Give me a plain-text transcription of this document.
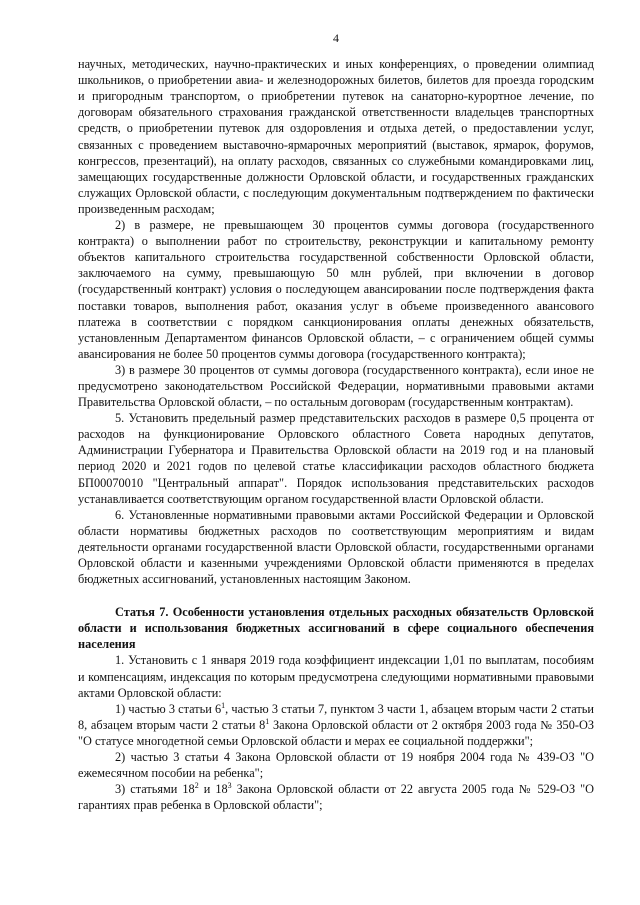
4

научных, методических, научно-практических и иных конференциях, о проведении олимпиад школьников, о приобретении авиа- и железнодорожных билетов, билетов для проезда городским и пригородным транспортом, о приобретении путевок на санаторно-курортное лечение, по договорам обязательного страхования гражданской ответственности владельцев транспортных средств, о приобретении путевок для оздоровления и отдыха детей, о предоставлении услуг, связанных с проведением выставочно-ярмарочных мероприятий (выставок, ярмарок, форумов, конгрессов, презентаций), на оплату расходов, связанных со служебными командировками лиц, замещающих государственные должности Орловской области, и государственных гражданских служащих Орловской области, с последующим документальным подтверждением по фактически произведенным расходам;

2) в размере, не превышающем 30 процентов суммы договора (государственного контракта) о выполнении работ по строительству, реконструкции и капитальному ремонту объектов капитального строительства государственной собственности Орловской области, заключаемого на сумму, превышающую 50 млн рублей, при включении в договор (государственный контракт) условия о последующем авансировании после подтверждения факта поставки товаров, выполнения работ, оказания услуг в объеме произведенного авансового платежа в соответствии с порядком санкционирования оплаты денежных обязательств, установленным Департаментом финансов Орловской области, – с ограничением общей суммы авансирования не более 50 процентов суммы договора (государственного контракта);

3) в размере 30 процентов от суммы договора (государственного контракта), если иное не предусмотрено законодательством Российской Федерации, нормативными правовыми актами Правительства Орловской области, – по остальным договорам (государственным контрактам).

5. Установить предельный размер представительских расходов в размере 0,5 процента от расходов на функционирование Орловского областного Совета народных депутатов, Администрации Губернатора и Правительства Орловской области на 2019 год и на плановый период 2020 и 2021 годов по целевой статье классификации расходов областного бюджета БП00070010 "Центральный аппарат". Порядок использования представительских расходов устанавливается соответствующим органом государственной власти Орловской области.

6. Установленные нормативными правовыми актами Российской Федерации и Орловской области нормативы бюджетных расходов по соответствующим мероприятиям и видам деятельности органами государственной власти Орловской области, государственными органами Орловской области и казенными учреждениями Орловской области применяются в пределах бюджетных ассигнований, установленных настоящим Законом.

Статья 7. Особенности установления отдельных расходных обязательств Орловской области и использования бюджетных ассигнований в сфере социального обеспечения населения

1. Установить с 1 января 2019 года коэффициент индексации 1,01 по выплатам, пособиям и компенсациям, индексация по которым предусмотрена следующими нормативными правовыми актами Орловской области:

1) частью 3 статьи $6^1$, частью 3 статьи 7, пунктом 3 части 1, абзацем вторым части 2 статьи 8, абзацем вторым части 2 статьи $8^1$ Закона Орловской области от 2 октября 2003 года № 350-ОЗ "О статусе многодетной семьи Орловской области и мерах ее социальной поддержки";

2) частью 3 статьи 4 Закона Орловской области от 19 ноября 2004 года № 439-ОЗ "О ежемесячном пособии на ребенка";

3) статьями $18^2$ и $18^3$ Закона Орловской области от 22 августа 2005 года № 529-ОЗ "О гарантиях прав ребенка в Орловской области";
